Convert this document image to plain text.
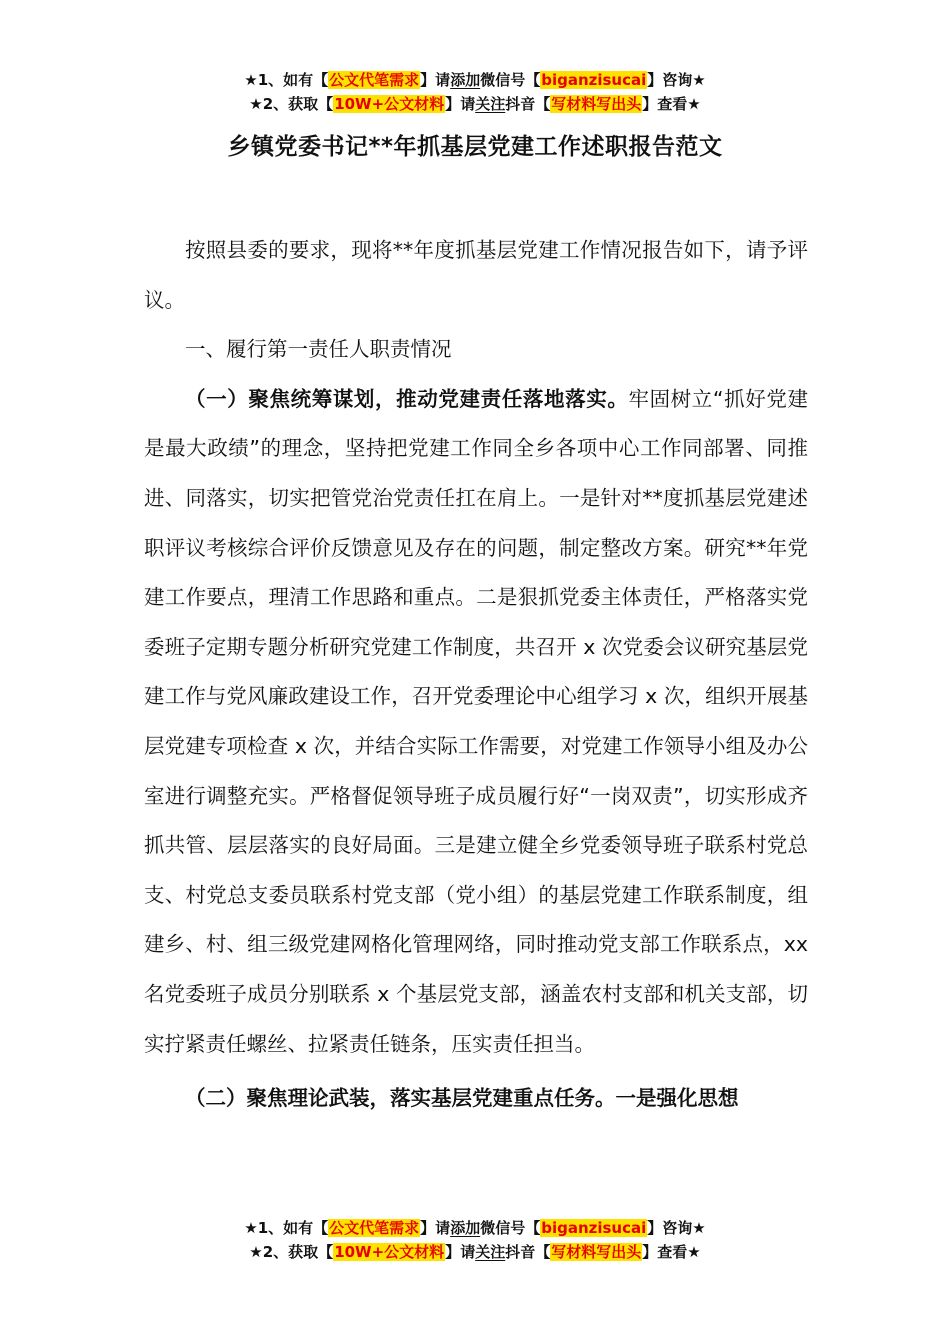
★1、如有【公文代笔需求】请添加微信号【biganzisucai】咨询★
★2、获取【10W+公文材料】请关注抖音【写材料写出头】查看★
乡镇党委书记**年抓基层党建工作述职报告范文

按照县委的要求，现将**年度抓基层党建工作情况报告如下，请予评议。

一、履行第一责任人职责情况

（一）聚焦统筹谋划，推动党建责任落地落实。牢固树立“抓好党建是最大政绩”的理念，坚持把党建工作同全乡各项中心工作同部署、同推进、同落实，切实把管党治党责任扛在肩上。一是针对**度抓基层党建述职评议考核综合评价反馈意见及存在的问题，制定整改方案。研究**年党建工作要点，理清工作思路和重点。二是狠抓党委主体责任，严格落实党委班子定期专题分析研究党建工作制度，共召开 x 次党委会议研究基层党建工作与党风廉政建设工作，召开党委理论中心组学习 x 次，组织开展基层党建专项检查 x 次，并结合实际工作需要，对党建工作领导小组及办公室进行调整充实。严格督促领导班子成员履行好“一岗双责”，切实形成齐抓共管、层层落实的良好局面。三是建立健全乡党委领导班子联系村党总支、村党总支委员联系村党支部（党小组）的基层党建工作联系制度，组建乡、村、组三级党建网格化管理网络，同时推动党支部工作联系点，xx 名党委班子成员分别联系 x 个基层党支部，涵盖农村支部和机关支部，切实拧紧责任螺丝、拉紧责任链条，压实责任担当。

（二）聚焦理论武装，落实基层党建重点任务。一是强化思想

★1、如有【公文代笔需求】请添加微信号【biganzisucai】咨询★
★2、获取【10W+公文材料】请关注抖音【写材料写出头】查看★
